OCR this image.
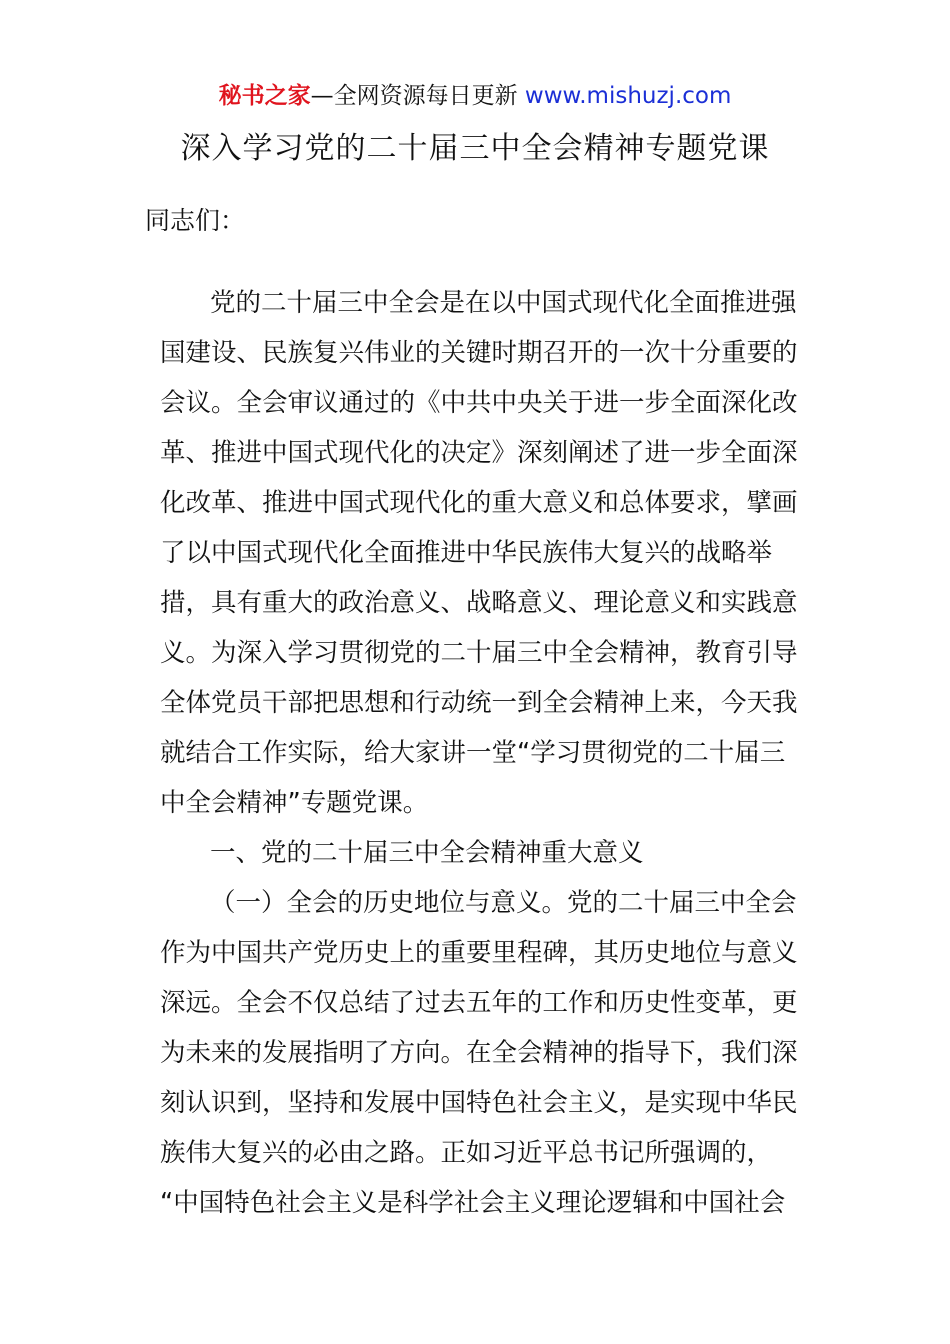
秘书之家—全网资源每日更新 www.mishuzj.com
深入学习党的二十届三中全会精神专题党课
同志们：
党的二十届三中全会是在以中国式现代化全面推进强
国建设、民族复兴伟业的关键时期召开的一次十分重要的
会议。全会审议通过的《中共中央关于进一步全面深化改
革、推进中国式现代化的决定》深刻阐述了进一步全面深
化改革、推进中国式现代化的重大意义和总体要求，擘画
了以中国式现代化全面推进中华民族伟大复兴的战略举
措，具有重大的政治意义、战略意义、理论意义和实践意
义。为深入学习贯彻党的二十届三中全会精神，教育引导
全体党员干部把思想和行动统一到全会精神上来，今天我
就结合工作实际，给大家讲一堂“学习贯彻党的二十届三
中全会精神”专题党课。
一、党的二十届三中全会精神重大意义
（一）全会的历史地位与意义。党的二十届三中全会
作为中国共产党历史上的重要里程碑，其历史地位与意义
深远。全会不仅总结了过去五年的工作和历史性变革，更
为未来的发展指明了方向。在全会精神的指导下，我们深
刻认识到，坚持和发展中国特色社会主义，是实现中华民
族伟大复兴的必由之路。正如习近平总书记所强调的，
“中国特色社会主义是科学社会主义理论逻辑和中国社会
